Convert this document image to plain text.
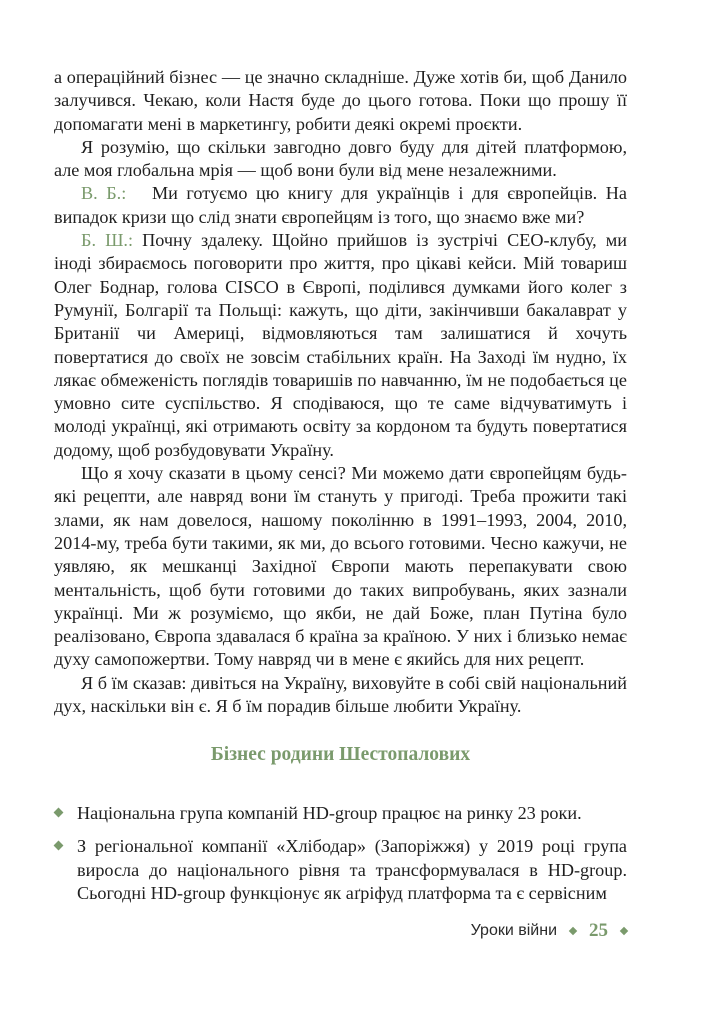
а операційний бізнес — це значно складніше. Дуже хотів би, щоб Данило залучився. Чекаю, коли Настя буде до цього готова. Поки що прошу її допомагати мені в маркетингу, робити деякі окремі проєкти.

Я розумію, що скільки завгодно довго буду для дітей платформою, але моя глобальна мрія — щоб вони були від мене незалежними.

В. Б.: Ми готуємо цю книгу для українців і для європейців. На випадок кризи що слід знати європейцям із того, що знаємо вже ми?

Б. Ш.: Почну здалеку. Щойно прийшов із зустрічі CEO-клубу, ми іноді збираємось поговорити про життя, про цікаві кейси. Мій товариш Олег Боднар, голова CISCO в Європі, поділився думками його колег з Румунії, Болгарії та Польщі: кажуть, що діти, закінчивши бакалаврат у Британії чи Америці, відмовляються там залишатися й хочуть повертатися до своїх не зовсім стабільних країн. На Заході їм нудно, їх лякає обмеженість поглядів товаришів по навчанню, їм не подобається це умовно сите суспільство. Я сподіваюся, що те саме відчуватимуть і молоді українці, які отримають освіту за кордоном та будуть повертатися додому, щоб розбудовувати Україну.

Що я хочу сказати в цьому сенсі? Ми можемо дати європейцям будь-які рецепти, але навряд вони їм стануть у пригоді. Треба прожити такі злами, як нам довелося, нашому поколінню в 1991–1993, 2004, 2010, 2014-му, треба бути такими, як ми, до всього готовими. Чесно кажучи, не уявляю, як мешканці Західної Європи мають перепакувати свою ментальність, щоб бути готовими до таких випробувань, яких зазнали українці. Ми ж розуміємо, що якби, не дай Боже, план Путіна було реалізовано, Європа здавалася б країна за країною. У них і близько немає духу самопожертви. Тому навряд чи в мене є якийсь для них рецепт.

Я б їм сказав: дивіться на Україну, виховуйте в собі свій національний дух, наскільки він є. Я б їм порадив більше любити Україну.

Бізнес родини Шестопалових
Національна група компаній HD-group працює на ринку 23 роки.
З регіональної компанії «Хлібодар» (Запоріжжя) у 2019 році група виросла до національного рівня та трансформувалася в HD-group. Сьогодні HD-group функціонує як аґріфуд платформа та є сервісним
Уроки війни 25
